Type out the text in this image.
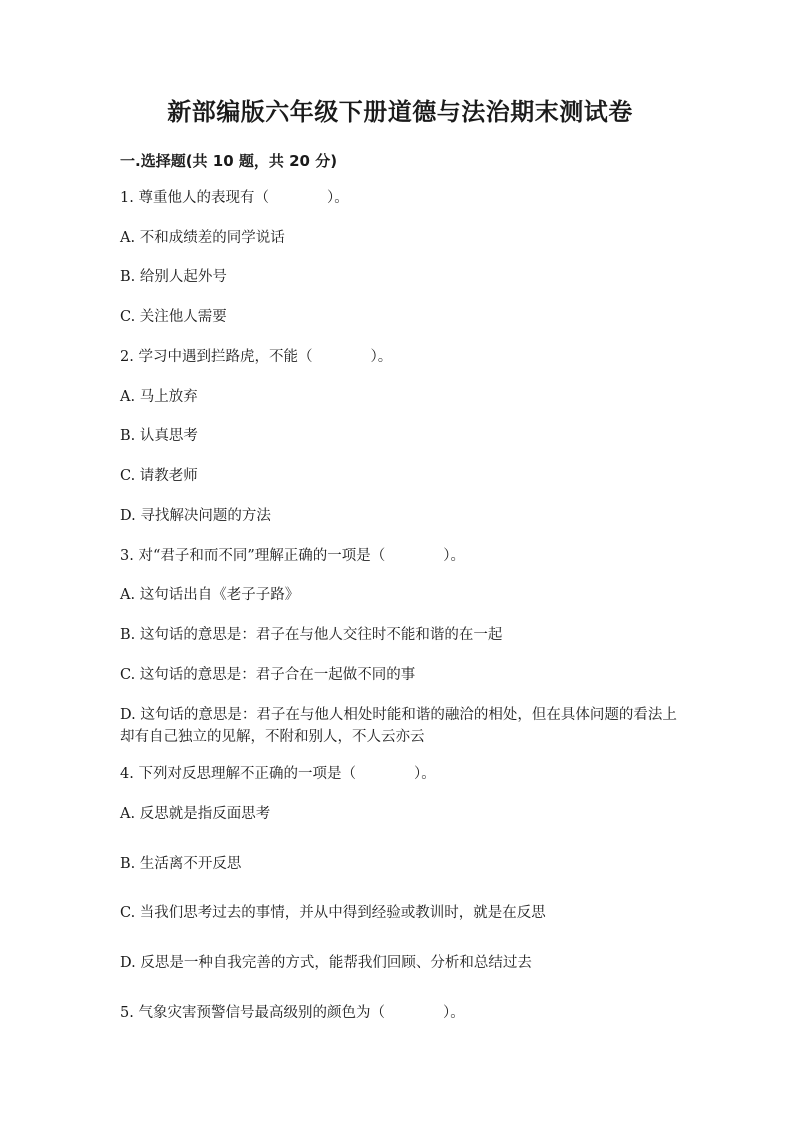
新部编版六年级下册道德与法治期末测试卷
一.选择题(共 10 题，共 20 分)
1. 尊重他人的表现有（　　　　）。
A. 不和成绩差的同学说话
B. 给别人起外号
C. 关注他人需要
2. 学习中遇到拦路虎，不能（　　　　）。
A. 马上放弃
B. 认真思考
C. 请教老师
D. 寻找解决问题的方法
3. 对“君子和而不同”理解正确的一项是（　　　　）。
A. 这句话出自《老子子路》
B. 这句话的意思是：君子在与他人交往时不能和谐的在一起
C. 这句话的意思是：君子合在一起做不同的事
D. 这句话的意思是：君子在与他人相处时能和谐的融洽的相处，但在具体问题的看法上却有自己独立的见解，不附和别人，不人云亦云
4. 下列对反思理解不正确的一项是（　　　　）。
A. 反思就是指反面思考
B. 生活离不开反思
C. 当我们思考过去的事情，并从中得到经验或教训时，就是在反思
D. 反思是一种自我完善的方式，能帮我们回顾、分析和总结过去
5. 气象灾害预警信号最高级别的颜色为（　　　　）。
